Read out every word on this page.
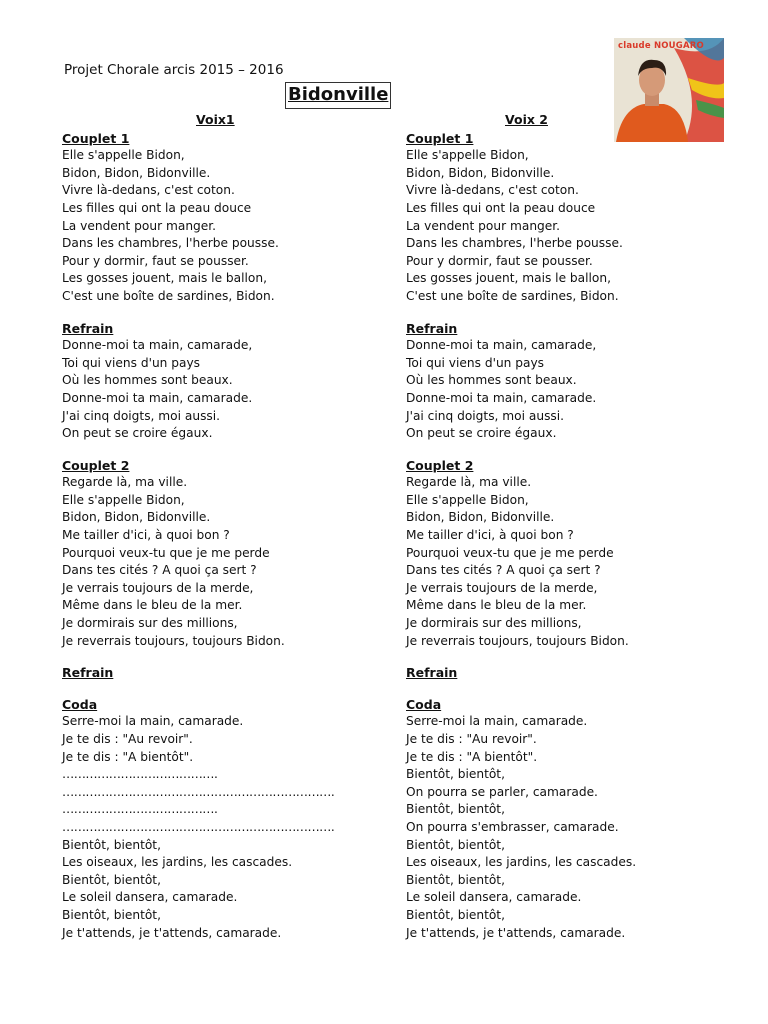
Projet Chorale arcis 2015 – 2016
Bidonville
claude NOUGARO
Voix1	Voix 2
Couplet 1
Elle s'appelle Bidon,
Bidon, Bidon, Bidonville.
Vivre là-dedans, c'est coton.
Les filles qui ont la peau douce
La vendent pour manger.
Dans les chambres, l'herbe pousse.
Pour y dormir, faut se pousser.
Les gosses jouent, mais le ballon,
C'est une boîte de sardines, Bidon.
Refrain
Donne-moi ta main, camarade,
Toi qui viens d'un pays
Où les hommes sont beaux.
Donne-moi ta main, camarade.
J'ai cinq doigts, moi aussi.
On peut se croire égaux.
Couplet 2
Regarde là, ma ville.
Elle s'appelle Bidon,
Bidon, Bidon, Bidonville.
Me tailler d'ici, à quoi bon ?
Pourquoi veux-tu que je me perde
Dans tes cités ? A quoi ça sert ?
Je verrais toujours de la merde,
Même dans le bleu de la mer.
Je dormirais sur des millions,
Je reverrais toujours, toujours Bidon.
Refrain
Coda
Serre-moi la main, camarade.
Je te dis : "Au revoir".
Je te dis : "A bientôt".
………………………………….
…………………………………………………………….
………………………………….
…………………………………………………………….
Bientôt, bientôt,
Les oiseaux, les jardins, les cascades.
Bientôt, bientôt,
Le soleil dansera, camarade.
Bientôt, bientôt,
Je t'attends, je t'attends, camarade.
Couplet 1
Elle s'appelle Bidon,
Bidon, Bidon, Bidonville.
Vivre là-dedans, c'est coton.
Les filles qui ont la peau douce
La vendent pour manger.
Dans les chambres, l'herbe pousse.
Pour y dormir, faut se pousser.
Les gosses jouent, mais le ballon,
C'est une boîte de sardines, Bidon.
Refrain
Donne-moi ta main, camarade,
Toi qui viens d'un pays
Où les hommes sont beaux.
Donne-moi ta main, camarade.
J'ai cinq doigts, moi aussi.
On peut se croire égaux.
Couplet 2
Regarde là, ma ville.
Elle s'appelle Bidon,
Bidon, Bidon, Bidonville.
Me tailler d'ici, à quoi bon ?
Pourquoi veux-tu que je me perde
Dans tes cités ? A quoi ça sert ?
Je verrais toujours de la merde,
Même dans le bleu de la mer.
Je dormirais sur des millions,
Je reverrais toujours, toujours Bidon.
Refrain
Coda
Serre-moi la main, camarade.
Je te dis : "Au revoir".
Je te dis : "A bientôt".
Bientôt, bientôt,
On pourra se parler, camarade.
Bientôt, bientôt,
On pourra s'embrasser, camarade.
Bientôt, bientôt,
Les oiseaux, les jardins, les cascades.
Bientôt, bientôt,
Le soleil dansera, camarade.
Bientôt, bientôt,
Je t'attends, je t'attends, camarade.
